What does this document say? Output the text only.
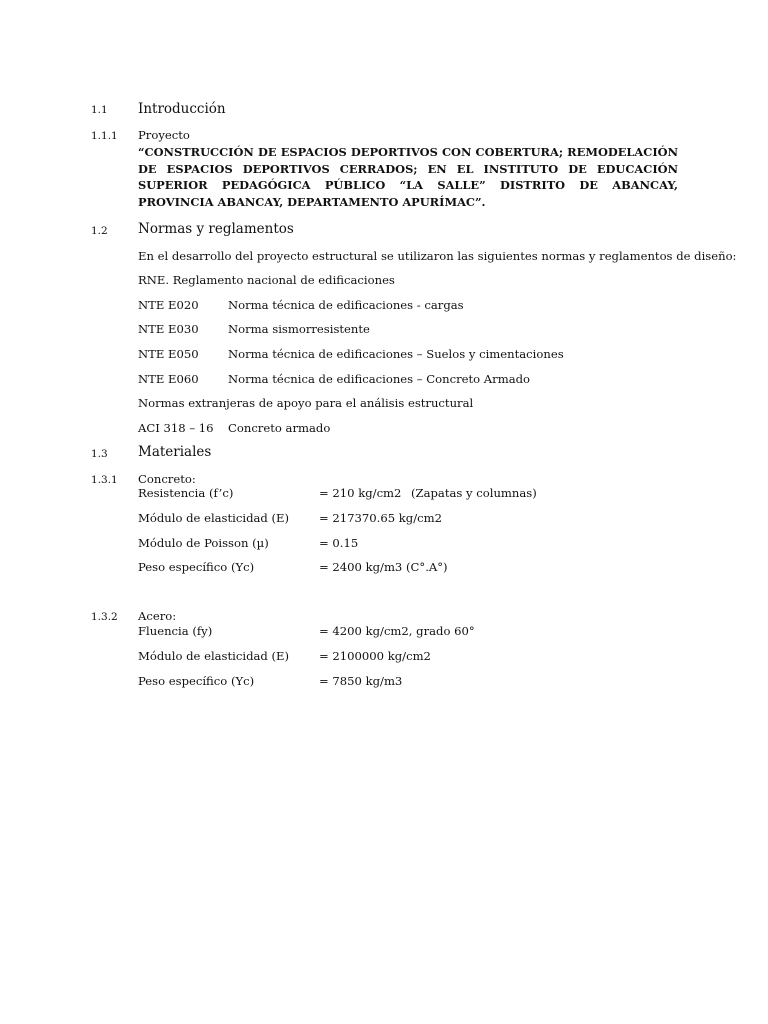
1.1 Introducción
1.1.1 Proyecto
“CONSTRUCCIÓN DE ESPACIOS DEPORTIVOS CON COBERTURA; REMODELACIÓN DE ESPACIOS DEPORTIVOS CERRADOS; EN EL INSTITUTO DE EDUCACIÓN SUPERIOR PEDAGÓGICA PÚBLICO “LA SALLE” DISTRITO DE ABANCAY, PROVINCIA ABANCAY, DEPARTAMENTO APURÍMAC”.
1.2 Normas y reglamentos
En el desarrollo del proyecto estructural se utilizaron las siguientes normas y reglamentos de diseño:
RNE. Reglamento nacional de edificaciones
NTE E020	Norma técnica de edificaciones - cargas
NTE E030	Norma sismorresistente
NTE E050	Norma técnica de edificaciones – Suelos y cimentaciones
NTE E060	Norma técnica de edificaciones – Concreto Armado
Normas extranjeras de apoyo para el análisis estructural
ACI 318 – 16 Concreto armado
1.3 Materiales
1.3.1 Concreto:
Resistencia (f’c)	= 210 kg/cm2 (Zapatas y columnas)
Módulo de elasticidad (E)	= 217370.65 kg/cm2
Módulo de Poisson (µ)	= 0.15
Peso específico (Yc)	= 2400 kg/m3 (C°.A°)
1.3.2 Acero:
Fluencia (fy)	= 4200 kg/cm2, grado 60°
Módulo de elasticidad (E)	= 2100000 kg/cm2
Peso específico (Yc)	= 7850 kg/m3
